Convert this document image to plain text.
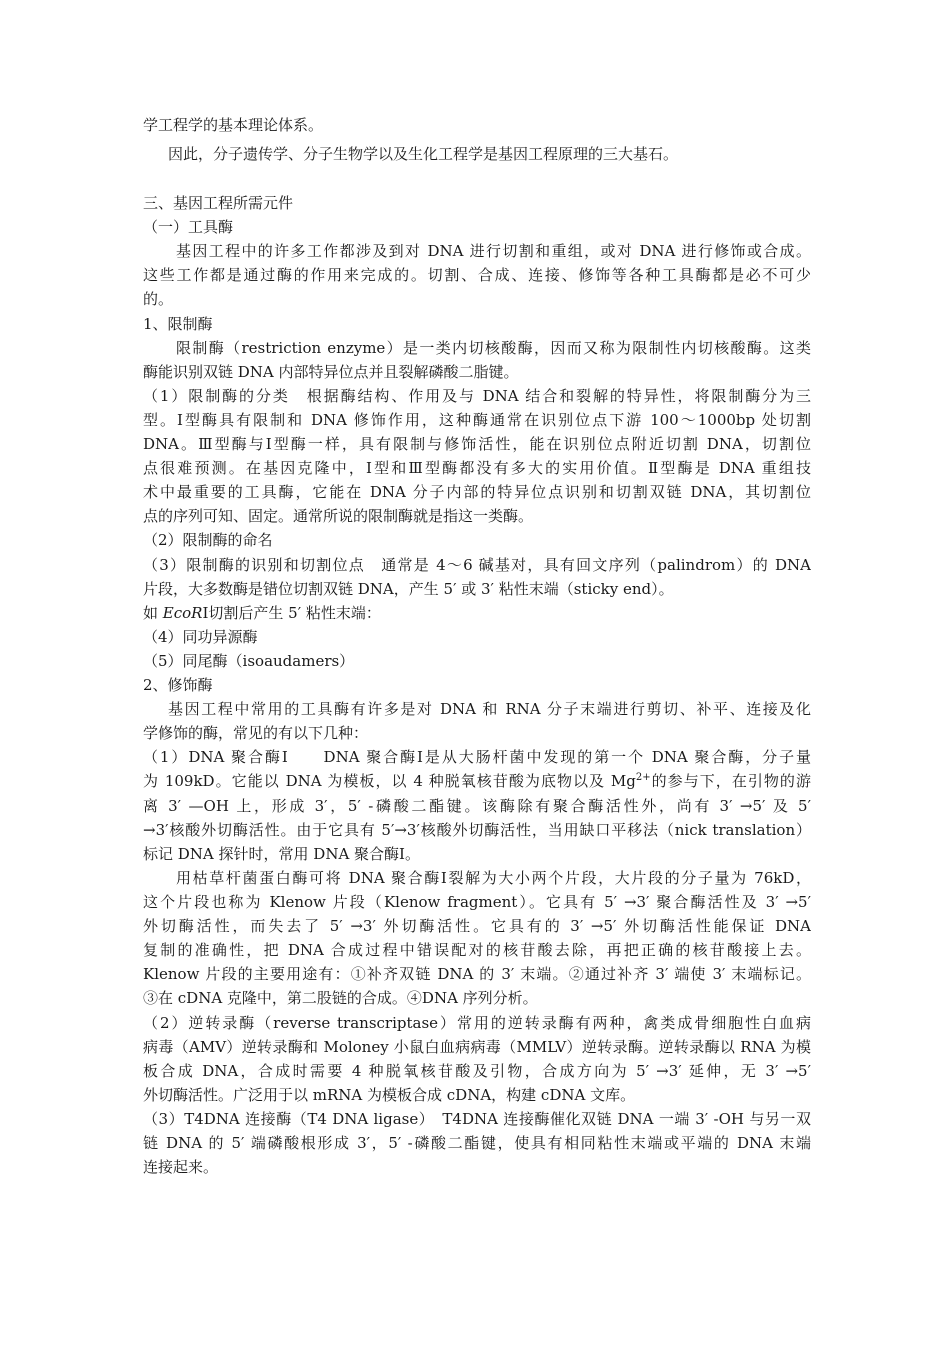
学工程学的基本理论体系。
因此，分子遗传学、分子生物学以及生化工程学是基因工程原理的三大基石。
三、基因工程所需元件
（一）工具酶
基因工程中的许多工作都涉及到对 DNA 进行切割和重组，或对 DNA 进行修饰或合成。
这些工作都是通过酶的作用来完成的。切割、合成、连接、修饰等各种工具酶都是必不可少
的。
1、限制酶
限制酶（restriction enzyme）是一类内切核酸酶，因而又称为限制性内切核酸酶。这类
酶能识别双链 DNA 内部特异位点并且裂解磷酸二脂键。
（1）限制酶的分类　根据酶结构、作用及与 DNA 结合和裂解的特异性，将限制酶分为三
型。Ⅰ型酶具有限制和 DNA 修饰作用，这种酶通常在识别位点下游 100～1000bp 处切割
DNA。Ⅲ型酶与Ⅰ型酶一样，具有限制与修饰活性，能在识别位点附近切割 DNA，切割位
点很难预测。在基因克隆中，Ⅰ型和Ⅲ型酶都没有多大的实用价值。Ⅱ型酶是 DNA 重组技
术中最重要的工具酶，它能在 DNA 分子内部的特异位点识别和切割双链 DNA，其切割位
点的序列可知、固定。通常所说的限制酶就是指这一类酶。
（2）限制酶的命名
（3）限制酶的识别和切割位点　通常是 4～6 碱基对，具有回文序列（palindrom）的 DNA
片段，大多数酶是错位切割双链 DNA，产生 5′ 或 3′ 粘性末端（sticky end）。
如 EcoRⅠ切割后产生 5′ 粘性末端：
（4）同功异源酶
（5）同尾酶（isoaudamers）
2、修饰酶
基因工程中常用的工具酶有许多是对 DNA 和 RNA 分子末端进行剪切、补平、连接及化
学修饰的酶，常见的有以下几种：
（1）DNA 聚合酶Ⅰ　　DNA 聚合酶Ⅰ是从大肠杆菌中发现的第一个 DNA 聚合酶，分子量
为 109kD。它能以 DNA 为模板，以 4 种脱氧核苷酸为底物以及 $Mg^{2+}$的参与下，在引物的游
离 3′ —OH 上，形成 3′，5′ -磷酸二酯键。该酶除有聚合酶活性外，尚有 3′ →5′ 及 5′
→3′核酸外切酶活性。由于它具有 5′→3′核酸外切酶活性，当用缺口平移法（nick translation）
标记 DNA 探针时，常用 DNA 聚合酶Ⅰ。
用枯草杆菌蛋白酶可将 DNA 聚合酶Ⅰ裂解为大小两个片段，大片段的分子量为 76kD，
这个片段也称为 Klenow 片段（Klenow fragment）。它具有 5′ →3′ 聚合酶活性及 3′ →5′
外切酶活性，而失去了 5′ →3′ 外切酶活性。它具有的 3′ →5′ 外切酶活性能保证 DNA
复制的准确性，把 DNA 合成过程中错误配对的核苷酸去除，再把正确的核苷酸接上去。
Klenow 片段的主要用途有：①补齐双链 DNA 的 3′ 末端。②通过补齐 3′ 端使 3′ 末端标记。
③在 cDNA 克隆中，第二股链的合成。④DNA 序列分析。
（2）逆转录酶（reverse transcriptase）常用的逆转录酶有两种，禽类成骨细胞性白血病
病毒（AMV）逆转录酶和 Moloney 小鼠白血病病毒（MMLV）逆转录酶。逆转录酶以 RNA 为模
板合成 DNA，合成时需要 4 种脱氧核苷酸及引物，合成方向为 5′ →3′ 延伸，无 3′ →5′
外切酶活性。广泛用于以 mRNA 为模板合成 cDNA，构建 cDNA 文库。
（3）T4DNA 连接酶（T4 DNA ligase）　T4DNA 连接酶催化双链 DNA 一端 3′ -OH 与另一双
链 DNA 的 5′ 端磷酸根形成 3′，5′ -磷酸二酯键，使具有相同粘性末端或平端的 DNA 末端
连接起来。
